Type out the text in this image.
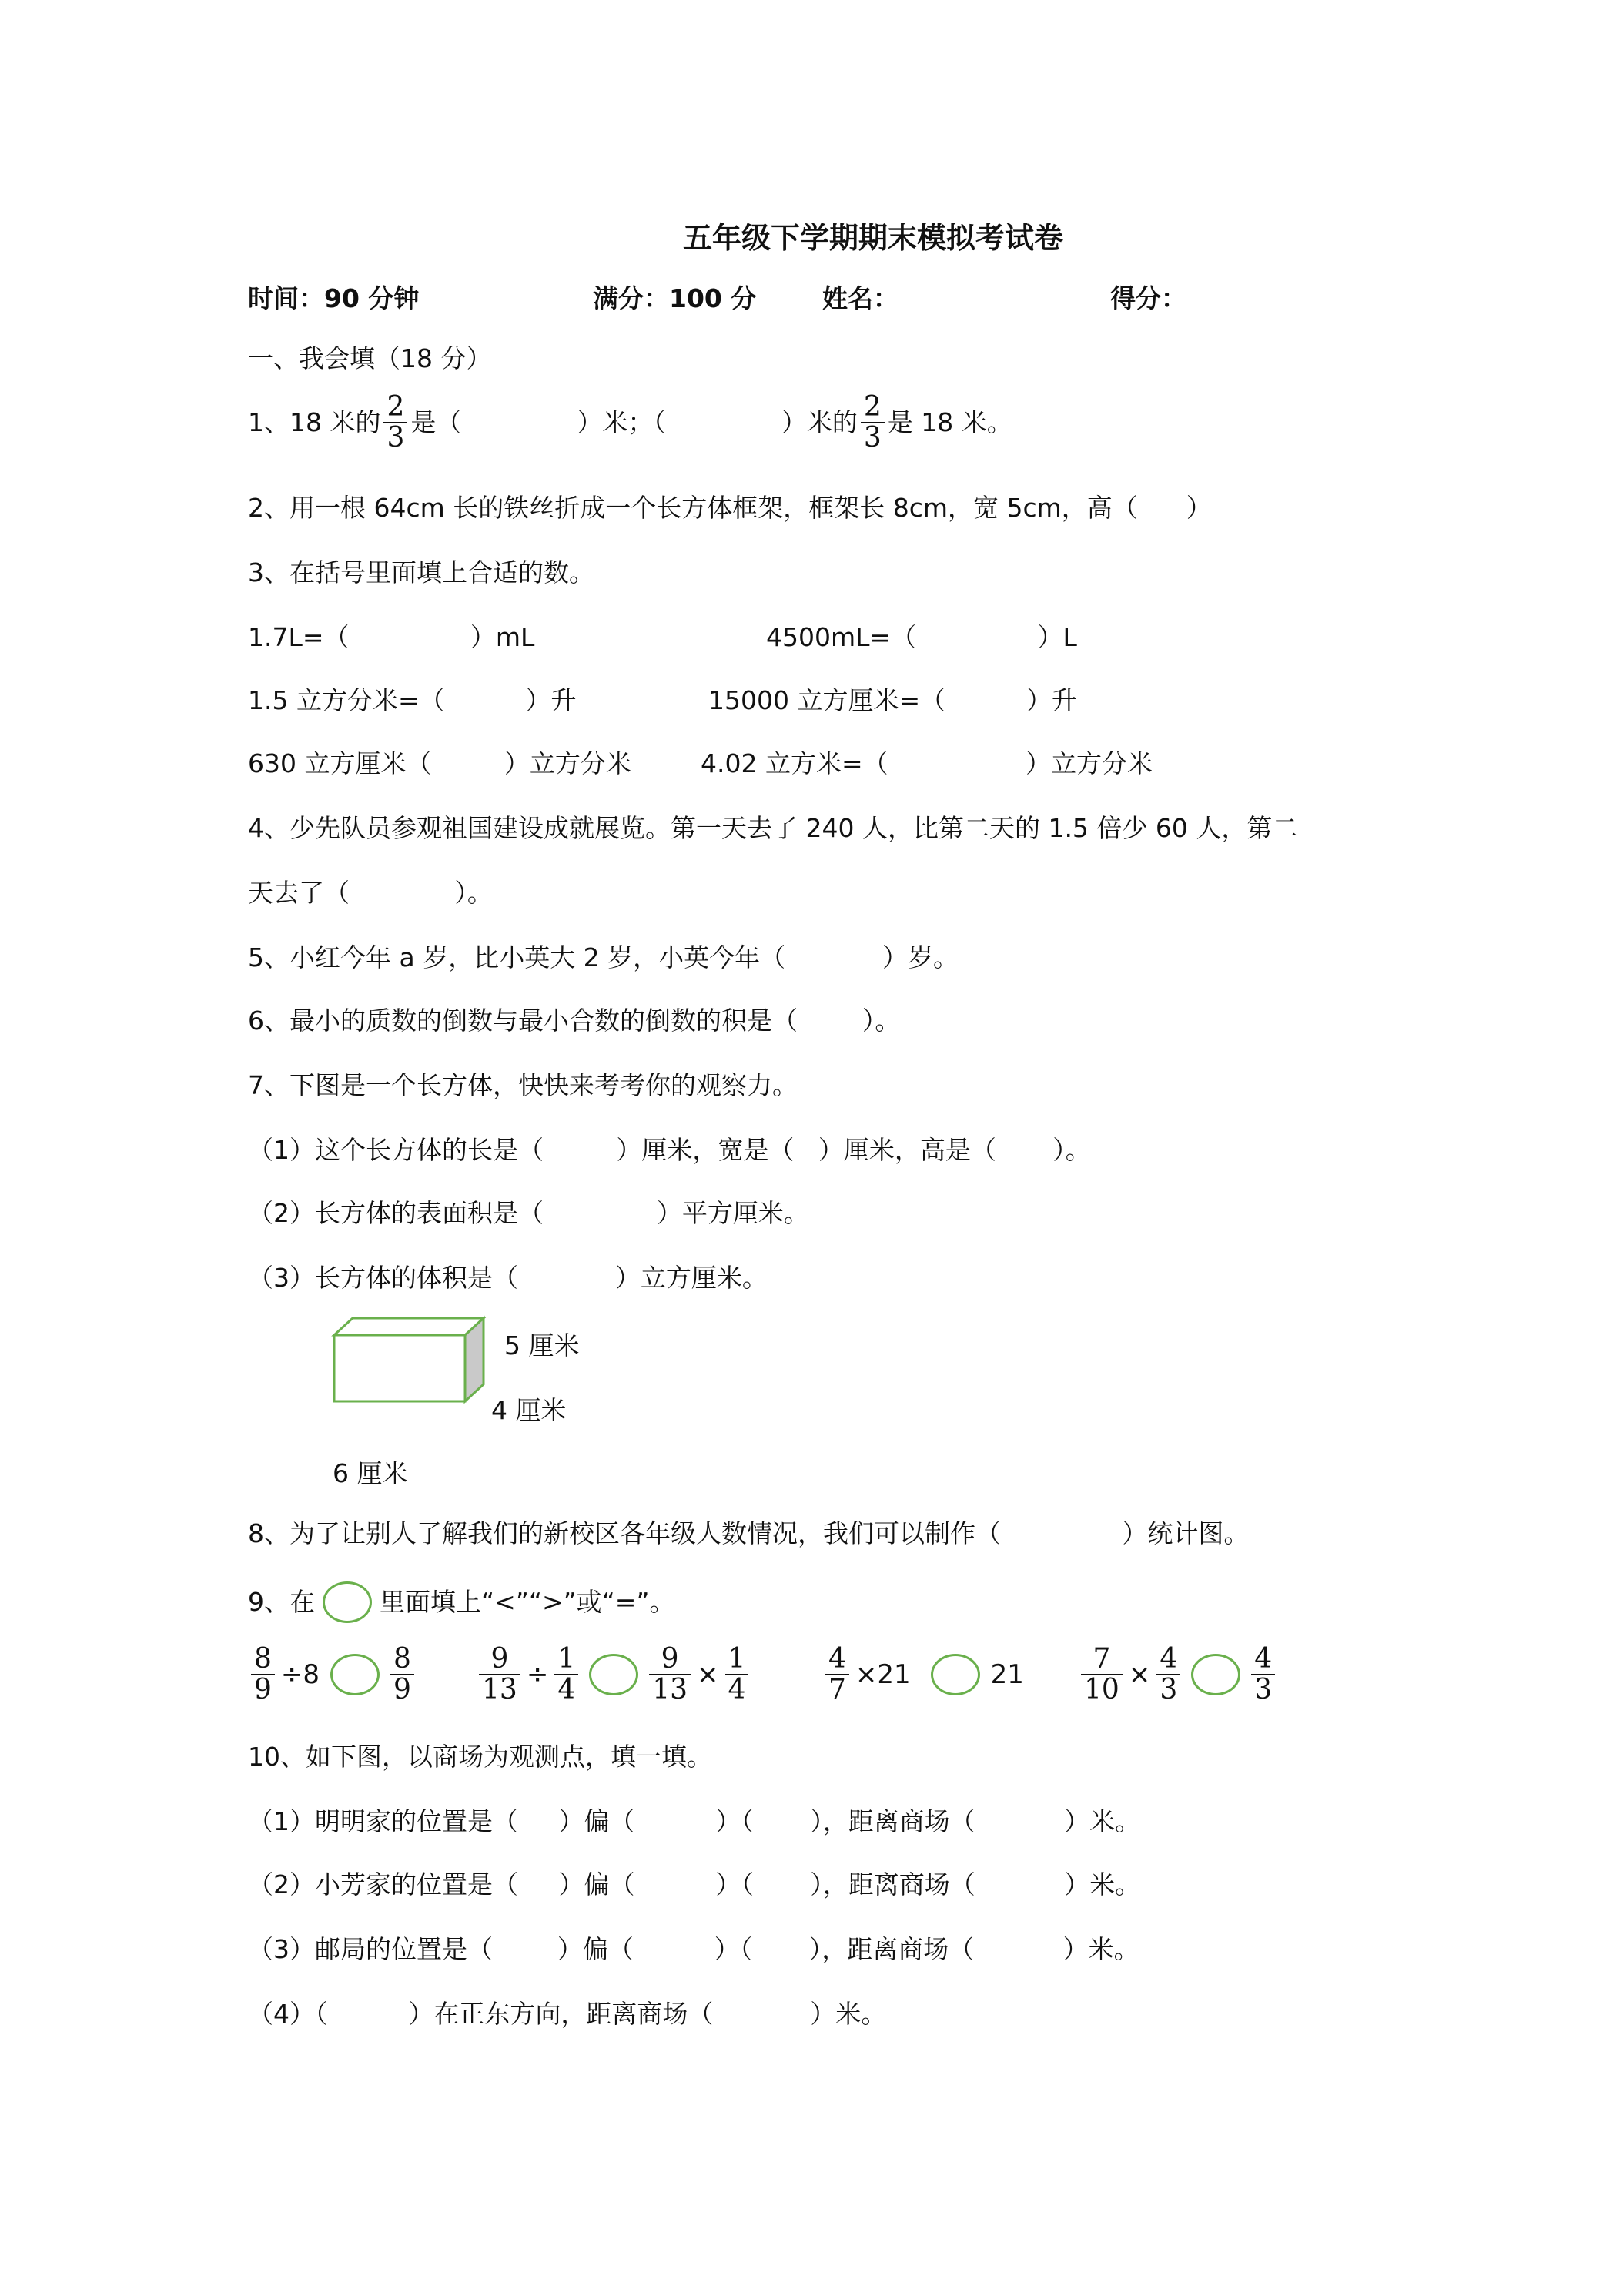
五年级下学期期末模拟考试卷
时间：90 分钟	满分：100 分	姓名：	得分：
一、我会填（18 分）
1、18 米的 2
3 是（	）米；（	）米的 2
3 是 18 米。
2、用一根 64cm 长的铁丝折成一个长方体框架，框架长 8cm，宽 5cm，高（      ）
3、在括号里面填上合适的数。
1.7L=（               ）mL	4500mL=（               ）L
1.5 立方分米=（          ）升	15000 立方厘米=（          ）升
630 立方厘米（         ）立方分米	4.02 立方米=（                 ）立方分米
4、少先队员参观祖国建设成就展览。第一天去了 240 人，比第二天的 1.5 倍少 60 人，第二
天去了（             ）。
5、小红今年 a 岁，比小英大 2 岁，小英今年（            ）岁。
6、最小的质数的倒数与最小合数的倒数的积是（        ）。
7、下图是一个长方体，快快来考考你的观察力。
（1）这个长方体的长是（         ）厘米，宽是（   ）厘米，高是（       ）。
（2）长方体的表面积是（              ）平方厘米。
（3）长方体的体积是（            ）立方厘米。
5 厘米
4 厘米
6 厘米
8、为了让别人了解我们的新校区各年级人数情况，我们可以制作（               ）统计图。
9、在	里面填上“<”“>”或“=”。
8
9 ÷8	8
9
9
13 ÷ 1
4
9
13 × 1
4
4
7 ×21	21 7
10 × 4
3
4
3
10、如下图，以商场为观测点，填一填。
（1）明明家的位置是（     ）偏（          ）（       ），距离商场（           ）米。
（2）小芳家的位置是（     ）偏（          ）（       ），距离商场（           ）米。
（3）邮局的位置是（        ）偏（          ）（       ），距离商场（           ）米。
（4）（          ）在正东方向，距离商场（            ）米。
